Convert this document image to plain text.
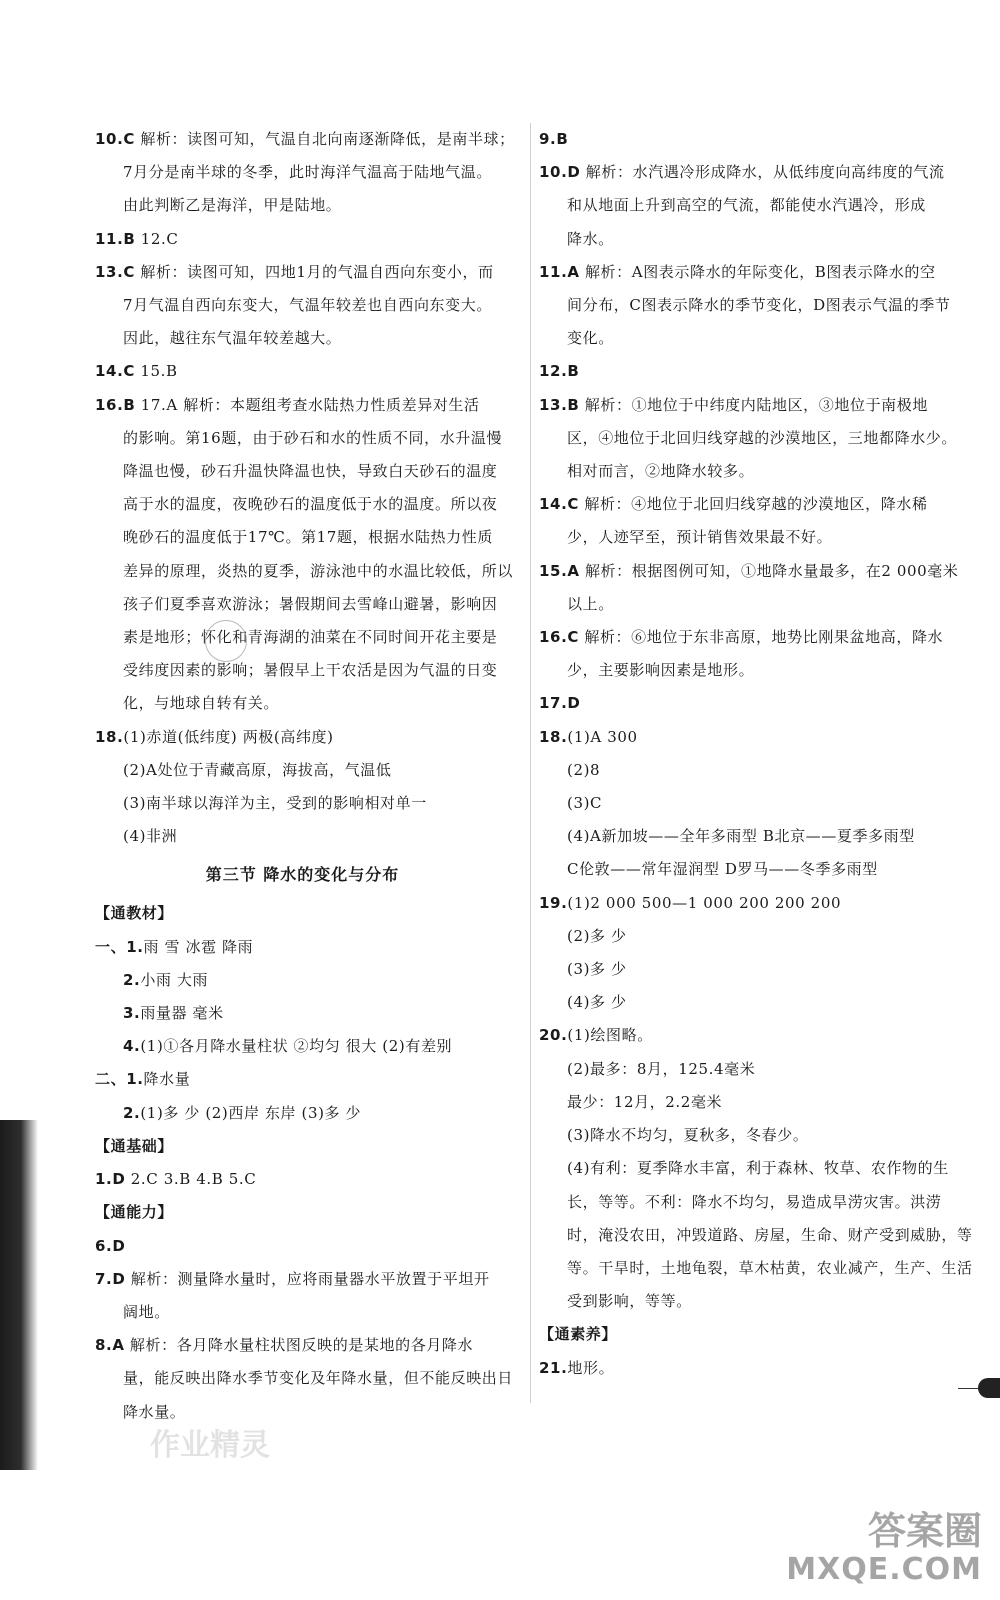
10.C 解析：读图可知，气温自北向南逐渐降低，是南半球；
7月分是南半球的冬季，此时海洋气温高于陆地气温。
由此判断乙是海洋，甲是陆地。
11.B 12.C
13.C 解析：读图可知，四地1月的气温自西向东变小，而
7月气温自西向东变大，气温年较差也自西向东变大。
因此，越往东气温年较差越大。
14.C 15.B
16.B 17.A 解析：本题组考查水陆热力性质差异对生活
的影响。第16题，由于砂石和水的性质不同，水升温慢
降温也慢，砂石升温快降温也快，导致白天砂石的温度
高于水的温度，夜晚砂石的温度低于水的温度。所以夜
晚砂石的温度低于17℃。第17题，根据水陆热力性质
差异的原理，炎热的夏季，游泳池中的水温比较低，所以
孩子们夏季喜欢游泳；暑假期间去雪峰山避暑，影响因
素是地形；怀化和青海湖的油菜在不同时间开花主要是
受纬度因素的影响；暑假早上干农活是因为气温的日变
化，与地球自转有关。
18.(1)赤道(低纬度) 两极(高纬度)
(2)A处位于青藏高原，海拔高，气温低
(3)南半球以海洋为主，受到的影响相对单一
(4)非洲
第三节 降水的变化与分布
【通教材】
一、1.雨 雪 冰雹 降雨
2.小雨 大雨
3.雨量器 毫米
4.(1)①各月降水量柱状 ②均匀 很大 (2)有差别
二、1.降水量
2.(1)多 少 (2)西岸 东岸 (3)多 少
【通基础】
1.D 2.C 3.B 4.B 5.C
【通能力】
6.D
7.D 解析：测量降水量时，应将雨量器水平放置于平坦开
阔地。
8.A 解析：各月降水量柱状图反映的是某地的各月降水
量，能反映出降水季节变化及年降水量，但不能反映出日
降水量。
9.B
10.D 解析：水汽遇冷形成降水，从低纬度向高纬度的气流
和从地面上升到高空的气流，都能使水汽遇冷，形成
降水。
11.A 解析：A图表示降水的年际变化，B图表示降水的空
间分布，C图表示降水的季节变化，D图表示气温的季节
变化。
12.B
13.B 解析：①地位于中纬度内陆地区，③地位于南极地
区，④地位于北回归线穿越的沙漠地区，三地都降水少。
相对而言，②地降水较多。
14.C 解析：④地位于北回归线穿越的沙漠地区，降水稀
少，人迹罕至，预计销售效果最不好。
15.A 解析：根据图例可知，①地降水量最多，在2 000毫米
以上。
16.C 解析：⑥地位于东非高原，地势比刚果盆地高，降水
少，主要影响因素是地形。
17.D
18.(1)A 300
(2)8
(3)C
(4)A新加坡——全年多雨型 B北京——夏季多雨型
C伦敦——常年湿润型 D罗马——冬季多雨型
19.(1)2 000 500—1 000 200 200 200
(2)多 少
(3)多 少
(4)多 少
20.(1)绘图略。
(2)最多：8月，125.4毫米
最少：12月，2.2毫米
(3)降水不均匀，夏秋多，冬春少。
(4)有利：夏季降水丰富，利于森林、牧草、农作物的生
长，等等。不利：降水不均匀，易造成旱涝灾害。洪涝
时，淹没农田，冲毁道路、房屋，生命、财产受到威胁，等
等。干旱时，土地龟裂，草木枯黄，农业减产，生产、生活
受到影响，等等。
【通素养】
21.地形。
作业精灵
答案圈
MXQE.COM
